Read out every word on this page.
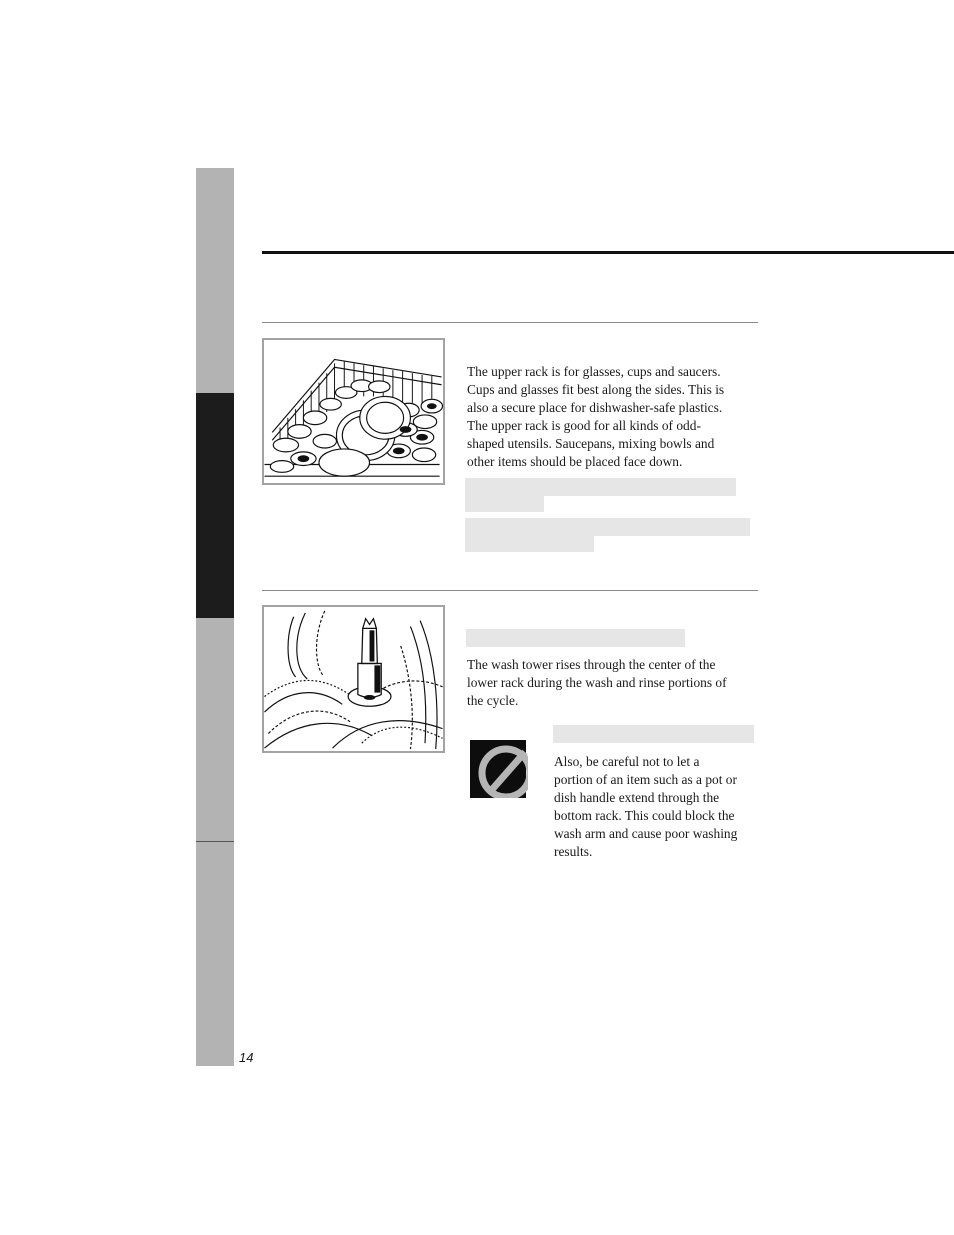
The upper rack is for glasses, cups and saucers.
Cups and glasses fit best along the sides. This is
also a secure place for dishwasher-safe plastics.
The upper rack is good for all kinds of odd-
shaped utensils. Saucepans, mixing bowls and
other items should be placed face down.
The wash tower rises through the center of the
lower rack during the wash and rinse portions of
the cycle.
Also, be careful not to let a
portion of an item such as a pot or
dish handle extend through the
bottom rack. This could block the
wash arm and cause poor washing
results.
14
